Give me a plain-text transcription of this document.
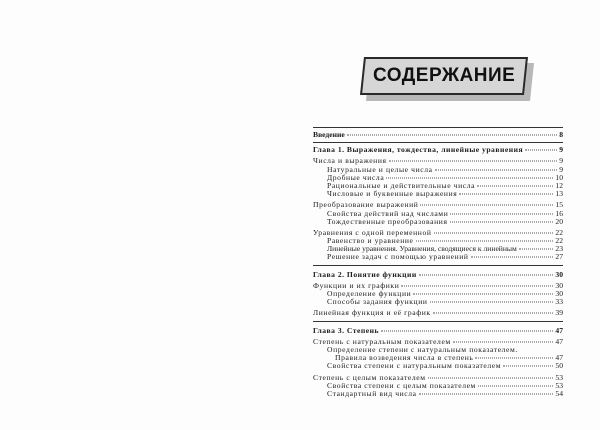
СОДЕРЖАНИЕ
Введение	8
Глава 1. Выражения, тождества, линейные уравнения	9
Числа и выражения	9
Натуральные и целые числа	9
Дробные числа	10
Рациональные и действительные числа	12
Числовые и буквенные выражения	13
Преобразование выражений	15
Свойства действий над числами	16
Тождественные преобразования	20
Уравнения с одной переменной	22
Равенство и уравнение	22
Линейные уравнения. Уравнения, сводящиеся к линейным	23
Решение задач с помощью уравнений	27
Глава 2. Понятие функции	30
Функции и их графики	30
Определение функции	30
Способы задания функции	33
Линейная функция и её график	39
Глава 3. Степень	47
Степень с натуральным показателем	47
Определение степени с натуральным показателем.
Правила возведения числа в степень	47
Свойства степени с натуральным показателем	50
Степень с целым показателем	53
Свойства степени с целым показателем	53
Стандартный вид числа	54
